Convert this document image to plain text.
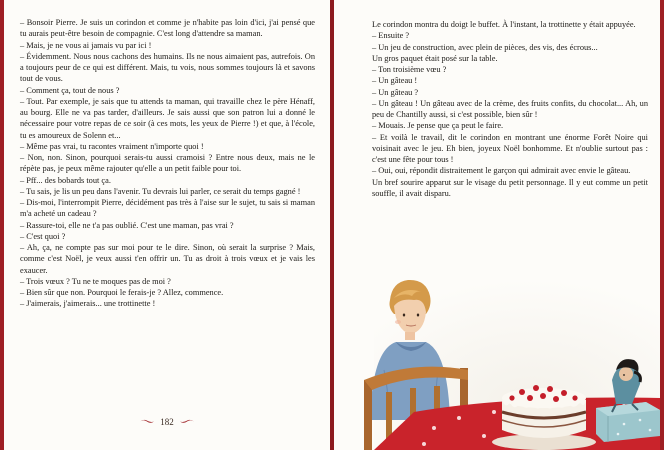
– Bonsoir Pierre. Je suis un corindon et comme je n'habite pas loin d'ici, j'ai pensé que tu aurais peut-être besoin de compagnie. C'est long d'attendre sa maman.

– Mais, je ne vous ai jamais vu par ici !

– Évidemment. Nous nous cachons des humains. Ils ne nous aimaient pas, autrefois. On a toujours peur de ce qui est différent. Mais, tu vois, nous sommes toujours là et savons tout de vous.

– Comment ça, tout de nous ?

– Tout. Par exemple, je sais que tu attends ta maman, qui travaille chez le père Hénaff, au bourg. Elle ne va pas tarder, d'ailleurs. Je sais aussi que son patron lui a donné le nécessaire pour votre repas de ce soir (à ces mots, les yeux de Pierre !) et que, à l'école, tu es amoureux de Solenn et...

– Même pas vrai, tu racontes vraiment n'importe quoi !

– Non, non. Sinon, pourquoi serais-tu aussi cramoisi ? Entre nous deux, mais ne le répète pas, je peux même rajouter qu'elle a un petit faible pour toi.

– Pff... des bobards tout ça.

– Tu sais, je lis un peu dans l'avenir. Tu devrais lui parler, ce serait du temps gagné !

– Dis-moi, l'interrompit Pierre, décidément pas très à l'aise sur le sujet, tu sais si maman m'a acheté un cadeau ?

– Rassure-toi, elle ne t'a pas oublié. C'est une maman, pas vrai ?

– C'est quoi ?

– Ah, ça, ne compte pas sur moi pour te le dire. Sinon, où serait la surprise ? Mais, comme c'est Noël, je veux aussi t'en offrir un. Tu as droit à trois vœux et je vais les exaucer.

– Trois vœux ? Tu ne te moques pas de moi ?

– Bien sûr que non. Pourquoi le ferais-je ? Allez, commence.

– J'aimerais, j'aimerais... une trottinette !

182

Le corindon montra du doigt le buffet. À l'instant, la trottinette y était appuyée.

– Ensuite ?

– Un jeu de construction, avec plein de pièces, des vis, des écrous...

Un gros paquet était posé sur la table.

– Ton troisième vœu ?

– Un gâteau !

– Un gâteau ?

– Un gâteau ! Un gâteau avec de la crème, des fruits confits, du chocolat... Ah, un peu de Chantilly aussi, si c'est possible, bien sûr !

– Mouais. Je pense que ça peut le faire.

– Et voilà le travail, dit le corindon en montrant une énorme Forêt Noire qui voisinait avec le jeu. Eh bien, joyeux Noël bonhomme. Et n'oublie surtout pas : c'est une fête pour tous !

– Oui, oui, répondit distraitement le garçon qui admirait avec envie le gâteau.

Un bref sourire apparut sur le visage du petit personnage. Il y eut comme un petit souffle, il avait disparu.
